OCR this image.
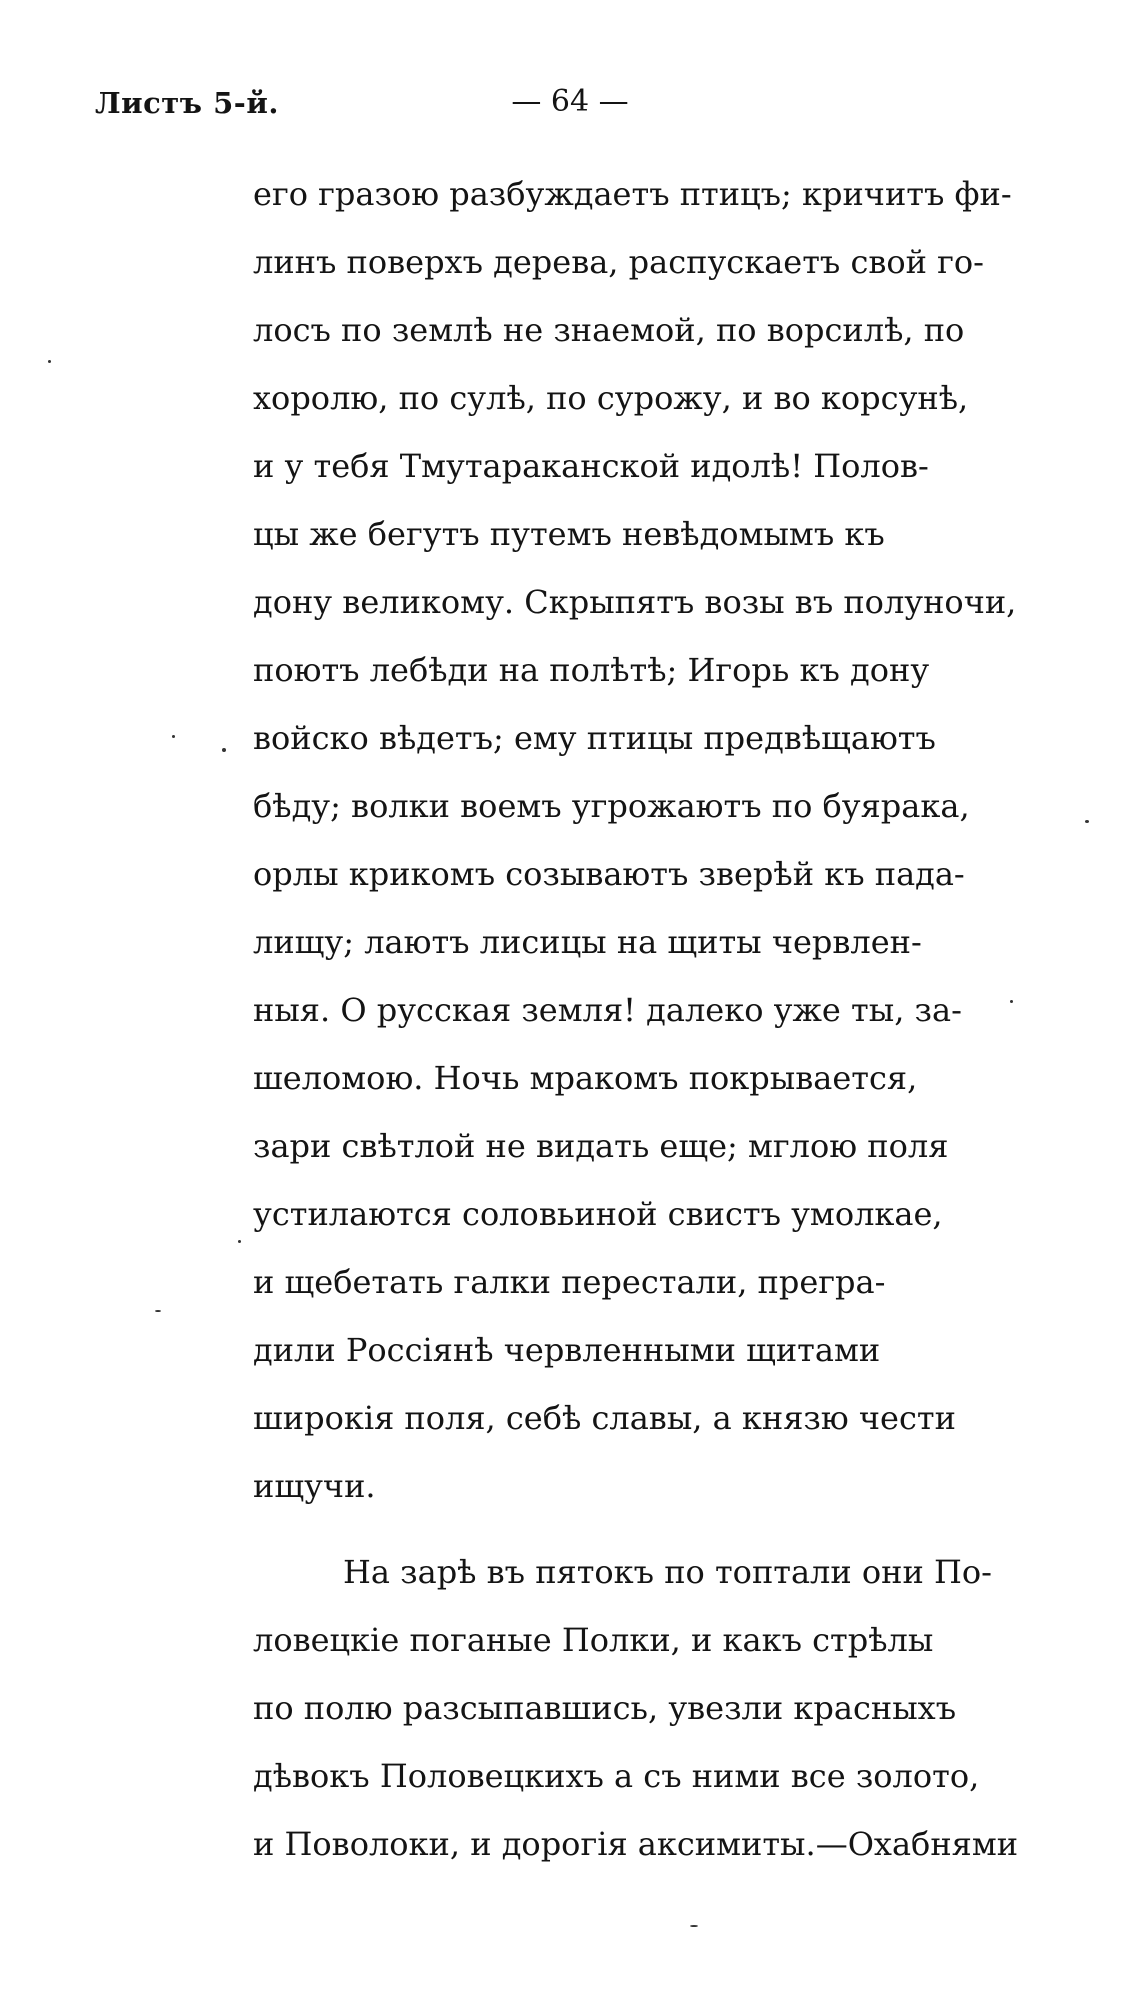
Листъ 5-й.	— 64 —
его гразою разбуждаетъ птицъ; кричитъ фи-
линъ поверхъ дерева, распускаетъ свой го-
лосъ по землѣ не знаемой, по ворсилѣ, по
хоролю, по сулѣ, по сурожу, и во корсунѣ,
и у тебя Тмутараканской идолѣ! Полов-
цы же бегутъ путемъ невѣдомымъ къ
дону великому. Скрыпятъ возы въ полуночи,
поютъ лебѣди на полѣтѣ; Игорь къ дону
войско вѣдетъ; ему птицы предвѣщаютъ
бѣду; волки воемъ угрожаютъ по буярака,
орлы крикомъ созываютъ зверѣй къ пада-
лищу; лаютъ лисицы на щиты червлен-
ныя. О русская земля! далеко уже ты, за-
шеломою. Ночь мракомъ покрывается,
зари свѣтлой не видать еще; мглою поля
устилаются соловьиной свистъ умолкае,
и щебетать галки перестали, прегра-
дили Россіянѣ червленными щитами
широкія поля, себѣ славы, а князю чести
ищучи.
На зарѣ въ пятокъ по топтали они По-
ловецкіе поганые Полки, и какъ стрѣлы
по полю разсыпавшись, увезли красныхъ
дѣвокъ Половецкихъ а съ ними все золото,
и Поволоки, и дорогія аксимиты.—Охабнями
